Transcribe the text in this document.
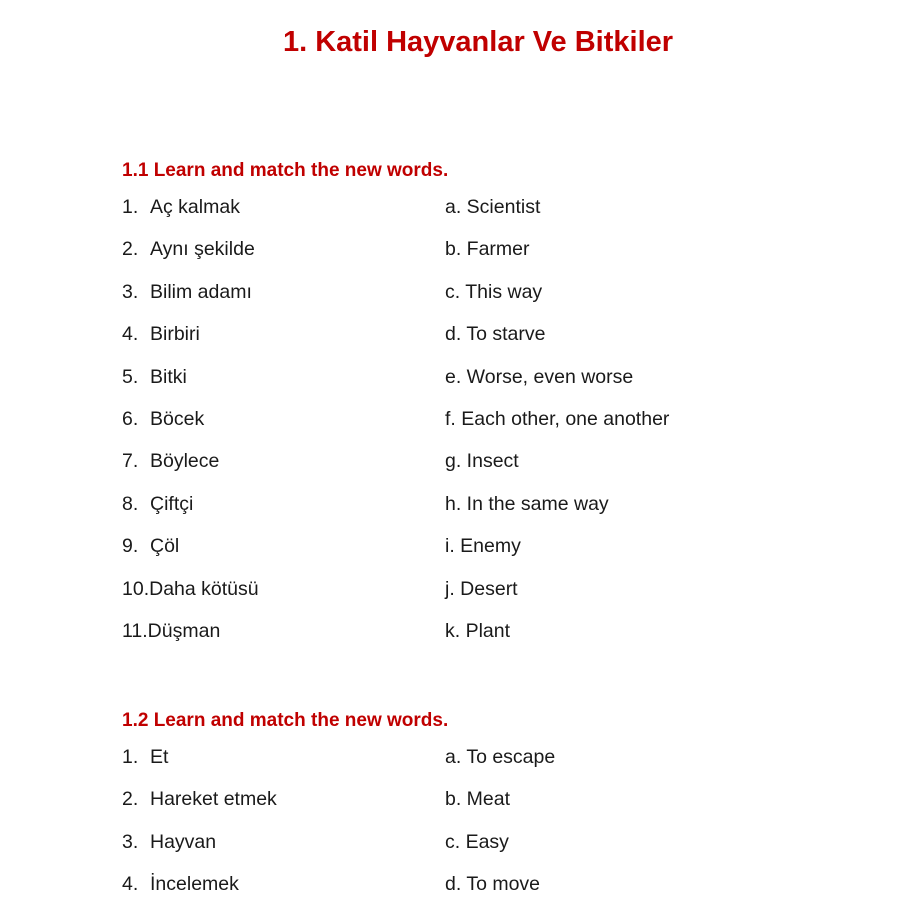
1. Katil Hayvanlar Ve Bitkiler
1.1 Learn and match the new words.
1. Aç kalmak	a. Scientist
2. Aynı şekilde	b. Farmer
3. Bilim adamı	c. This way
4. Birbiri	d. To starve
5. Bitki	e. Worse, even worse
6. Böcek	f. Each other, one another
7. Böylece	g. Insect
8. Çiftçi	h. In the same way
9. Çöl	i. Enemy
10.Daha kötüsü	j. Desert
11.Düşman	k. Plant
1.2 Learn and match the new words.
1. Et	a. To escape
2. Hareket etmek	b. Meat
3. Hayvan	c. Easy
4. İncelemek	d. To move
